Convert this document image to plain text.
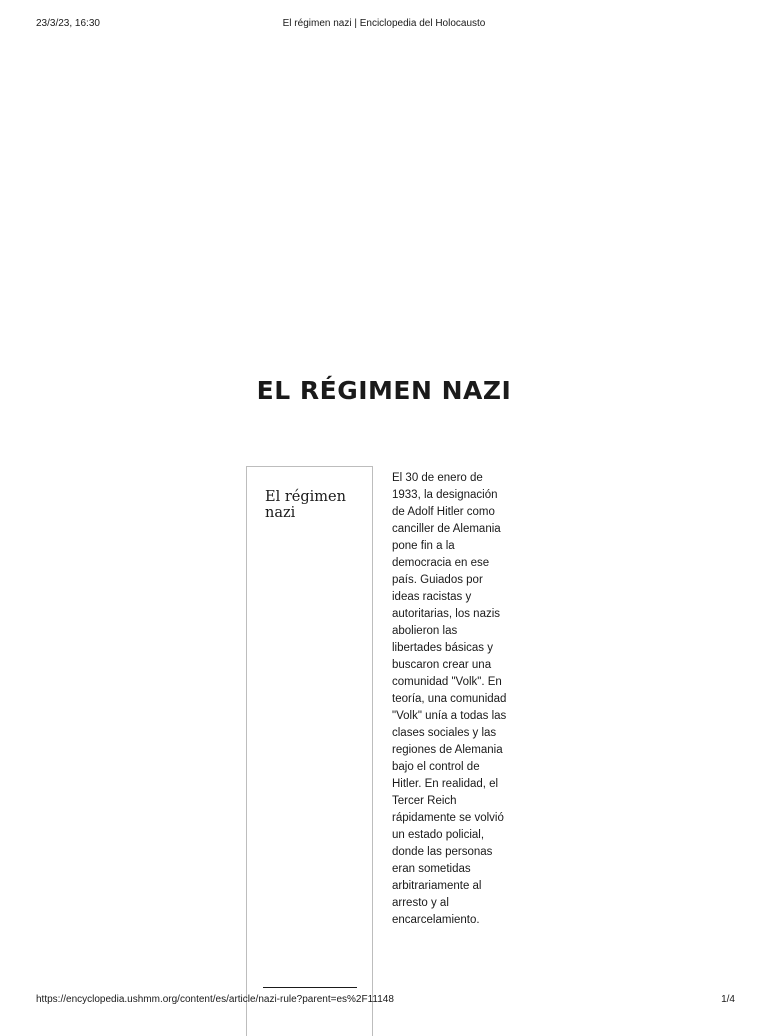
23/3/23, 16:30	El régimen nazi | Enciclopedia del Holocausto
EL RÉGIMEN NAZI
El régimen nazi

El 30 de enero de 1933, la designación de Adolf Hitler como canciller de Alemania pone fin a la democracia en ese país. Guiados por ideas racistas y autoritarias, los nazis abolieron las libertades básicas y buscaron crear una comunidad "Volk". En teoría, una comunidad "Volk" unía a todas las clases sociales y las regiones de Alemania bajo el control de Hitler. En realidad, el Tercer Reich rápidamente se volvió un estado policial, donde las personas eran sometidas arbitrariamente al arresto y al encarcelamiento.

https://encyclopedia.ushmm.org/content/es/article/nazi-rule?parent=es%2F11148	1/4
